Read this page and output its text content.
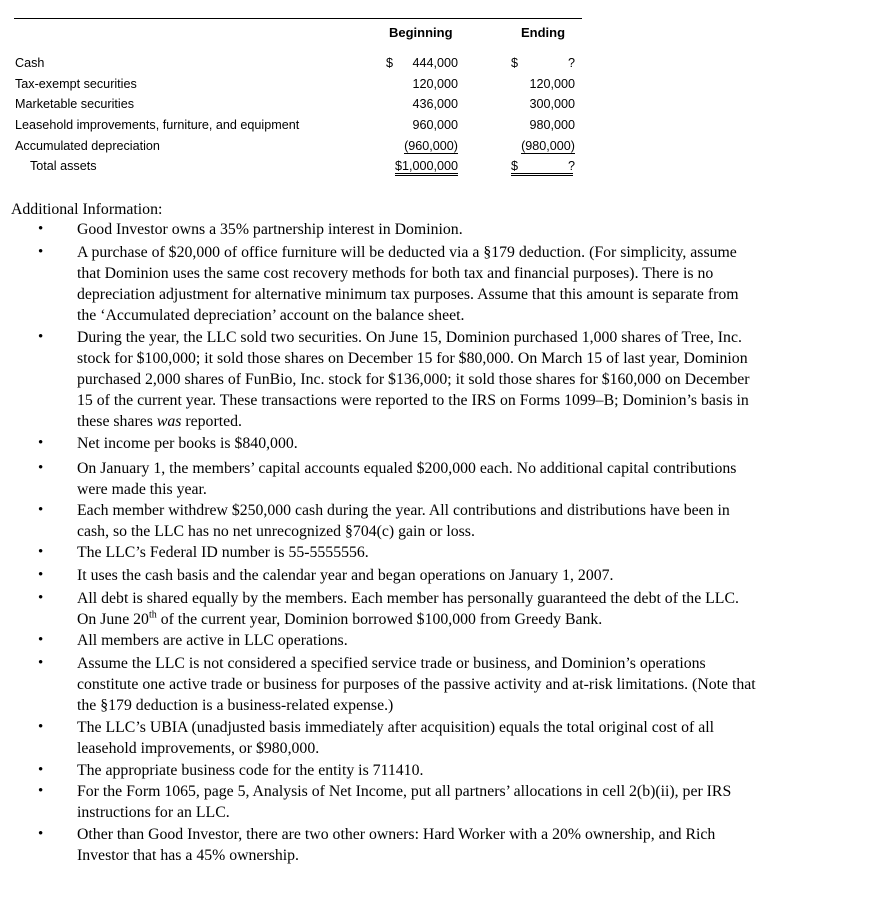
Beginning	Ending
Cash	$ 444,000	$	?
Tax-exempt securities	120,000	120,000
Marketable securities	436,000	300,000
Leasehold improvements, furniture, and equipment	960,000	980,000
Accumulated depreciation	(960,000)	(980,000)
Total assets	$1,000,000	$	?
Additional Information:
• Good Investor owns a 35% partnership interest in Dominion.
• A purchase of $20,000 of office furniture will be deducted via a §179 deduction. (For simplicity, assume
that Dominion uses the same cost recovery methods for both tax and financial purposes). There is no
depreciation adjustment for alternative minimum tax purposes. Assume that this amount is separate from
the ‘Accumulated depreciation’ account on the balance sheet.
• During the year, the LLC sold two securities. On June 15, Dominion purchased 1,000 shares of Tree, Inc.
stock for $100,000; it sold those shares on December 15 for $80,000. On March 15 of last year, Dominion
purchased 2,000 shares of FunBio, Inc. stock for $136,000; it sold those shares for $160,000 on December
15 of the current year. These transactions were reported to the IRS on Forms 1099–B; Dominion’s basis in
these shares was reported.
• Net income per books is $840,000.
• On January 1, the members’ capital accounts equaled $200,000 each. No additional capital contributions
were made this year.
• Each member withdrew $250,000 cash during the year. All contributions and distributions have been in
cash, so the LLC has no net unrecognized §704(c) gain or loss.
• The LLC’s Federal ID number is 55-5555556.
• It uses the cash basis and the calendar year and began operations on January 1, 2007.
• All debt is shared equally by the members. Each member has personally guaranteed the debt of the LLC.
On June 20th of the current year, Dominion borrowed $100,000 from Greedy Bank.
• All members are active in LLC operations.
• Assume the LLC is not considered a specified service trade or business, and Dominion’s operations
constitute one active trade or business for purposes of the passive activity and at-risk limitations. (Note that
the §179 deduction is a business-related expense.)
• The LLC’s UBIA (unadjusted basis immediately after acquisition) equals the total original cost of all
leasehold improvements, or $980,000.
• The appropriate business code for the entity is 711410.
• For the Form 1065, page 5, Analysis of Net Income, put all partners’ allocations in cell 2(b)(ii), per IRS
instructions for an LLC.
• Other than Good Investor, there are two other owners: Hard Worker with a 20% ownership, and Rich
Investor that has a 45% ownership.
